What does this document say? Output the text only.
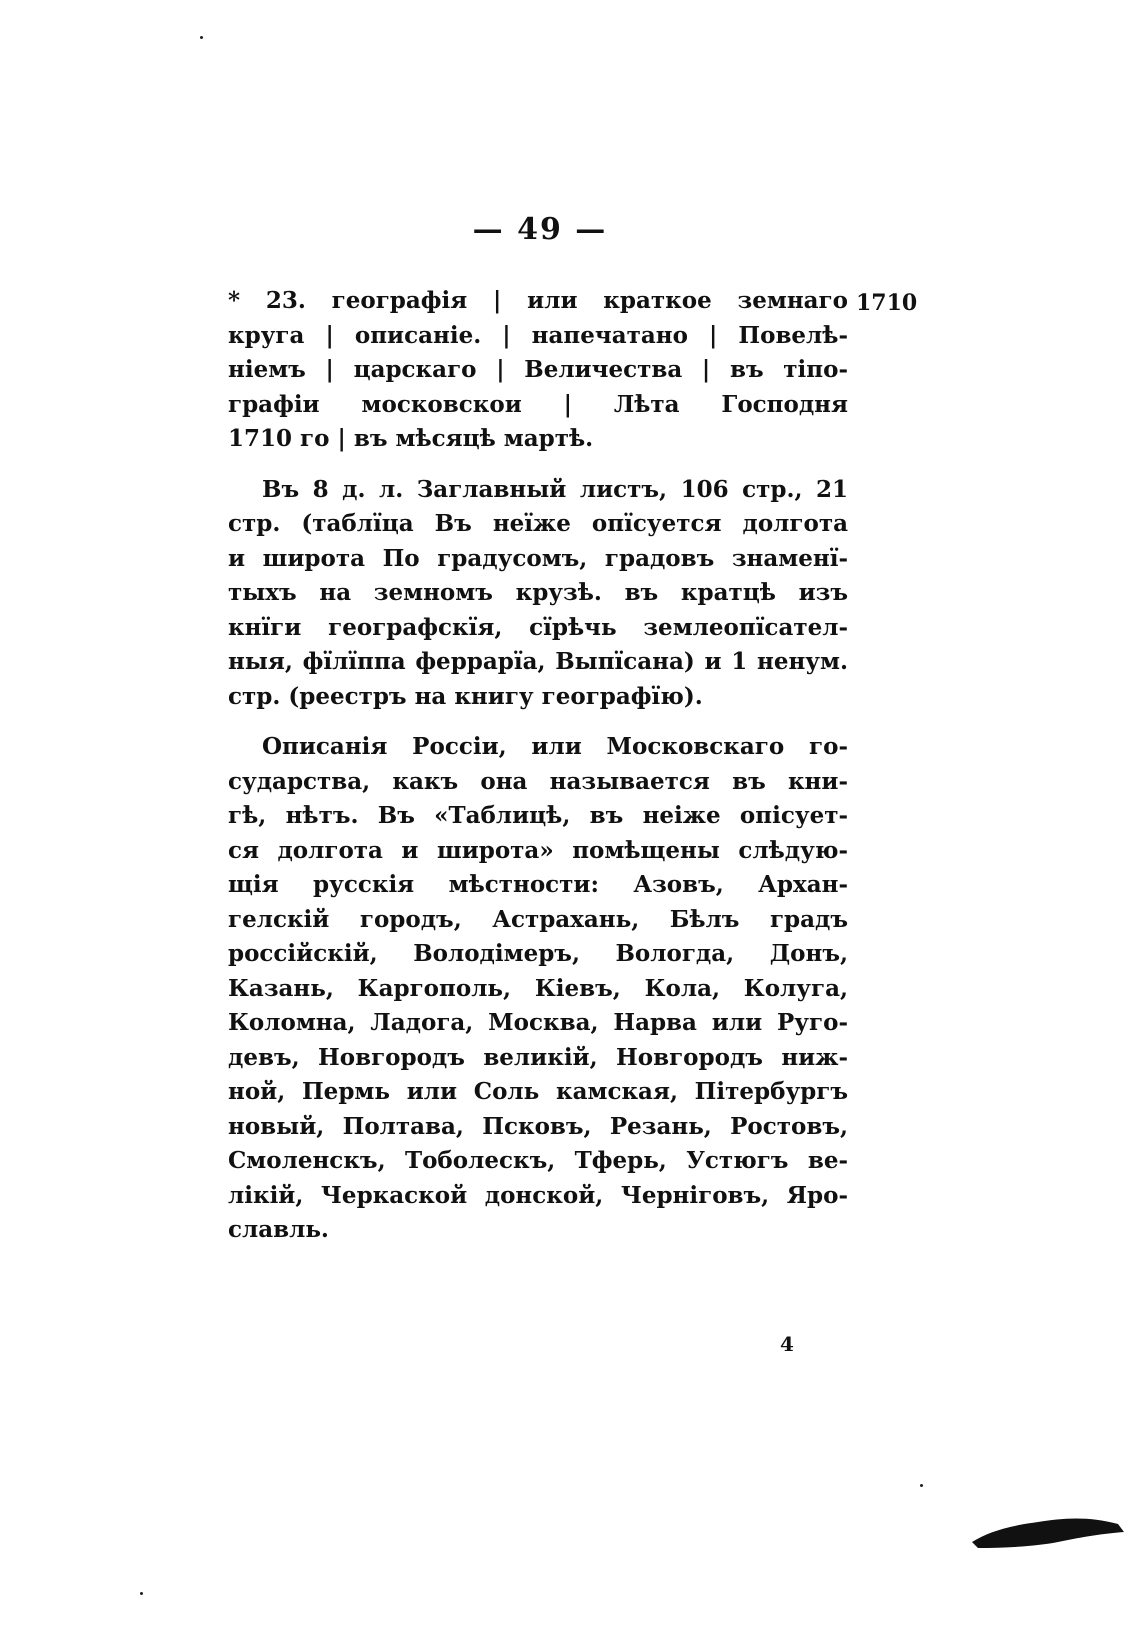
— 49 —
1710
* 23. географія | или краткое земнаго
круга | описаніе. | напечатано | Повелѣ-
ніемъ | царскаго | Величества | въ тіпо-
графіи московскои | Лѣта Господня
1710 го | въ мѣсяцѣ мартѣ.
Въ 8 д. л. Заглавный листъ, 106 стр., 21
стр. (таблїца Въ неїже опїсуется долгота
и широта По градусомъ, градовъ знаменї-
тыхъ на земномъ крузѣ. въ кратцѣ изъ
кнїги географскїя, сїрѣчь землеопїсател-
ныя, фїлїппа феррарїа, Выпїсана) и 1 ненум.
стр. (реестръ на книгу географїю).
Описанія Россіи, или Московскаго го-
сударства, какъ она называется въ кни-
гѣ, нѣтъ. Въ «Таблицѣ, въ неіже опісует-
ся долгота и широта» помѣщены слѣдую-
щія русскія мѣстности: Азовъ, Архан-
гелскій городъ, Астрахань, Бѣлъ градъ
россійскій, Володімеръ, Вологда, Донъ,
Казань, Каргополь, Кіевъ, Кола, Колуга,
Коломна, Ладога, Москва, Нарва или Руго-
девъ, Новгородъ великій, Новгородъ ниж-
ной, Пермь или Соль камская, Пітербургъ
новый, Полтава, Псковъ, Резань, Ростовъ,
Смоленскъ, Тоболескъ, Тферь, Устюгъ ве-
лікій, Черкаской донской, Черніговъ, Яро-
славль.
4
